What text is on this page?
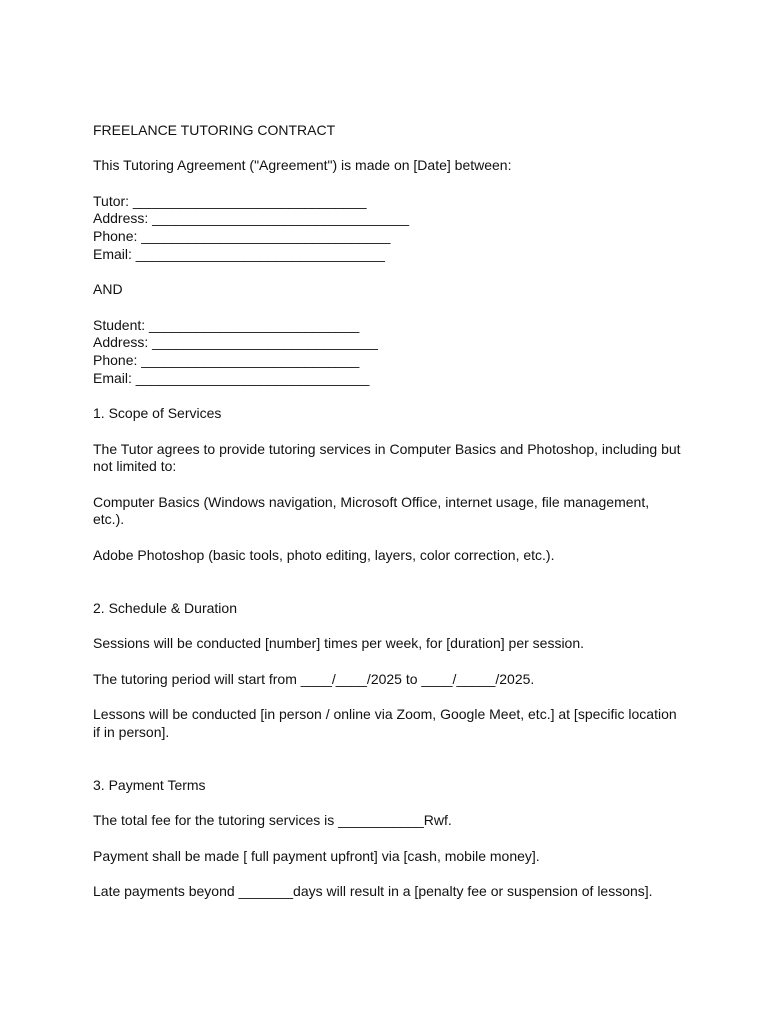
FREELANCE TUTORING CONTRACT
This Tutoring Agreement ("Agreement") is made on [Date] between:
Tutor: ______________________________
Address: _________________________________
Phone: ________________________________
Email: ________________________________
AND
Student: ___________________________
Address: _____________________________
Phone: ____________________________
Email: ______________________________
1. Scope of Services
The Tutor agrees to provide tutoring services in Computer Basics and Photoshop, including but not limited to:
Computer Basics (Windows navigation, Microsoft Office, internet usage, file management, etc.).
Adobe Photoshop (basic tools, photo editing, layers, color correction, etc.).
2. Schedule & Duration
Sessions will be conducted [number] times per week, for [duration] per session.
The tutoring period will start from ____/____/2025 to ____/_____/2025.
Lessons will be conducted [in person / online via Zoom, Google Meet, etc.] at [specific location if in person].
3. Payment Terms
The total fee for the tutoring services is ___________Rwf.
Payment shall be made [ full payment upfront] via [cash, mobile money].
Late payments beyond _______days will result in a [penalty fee or suspension of lessons].
